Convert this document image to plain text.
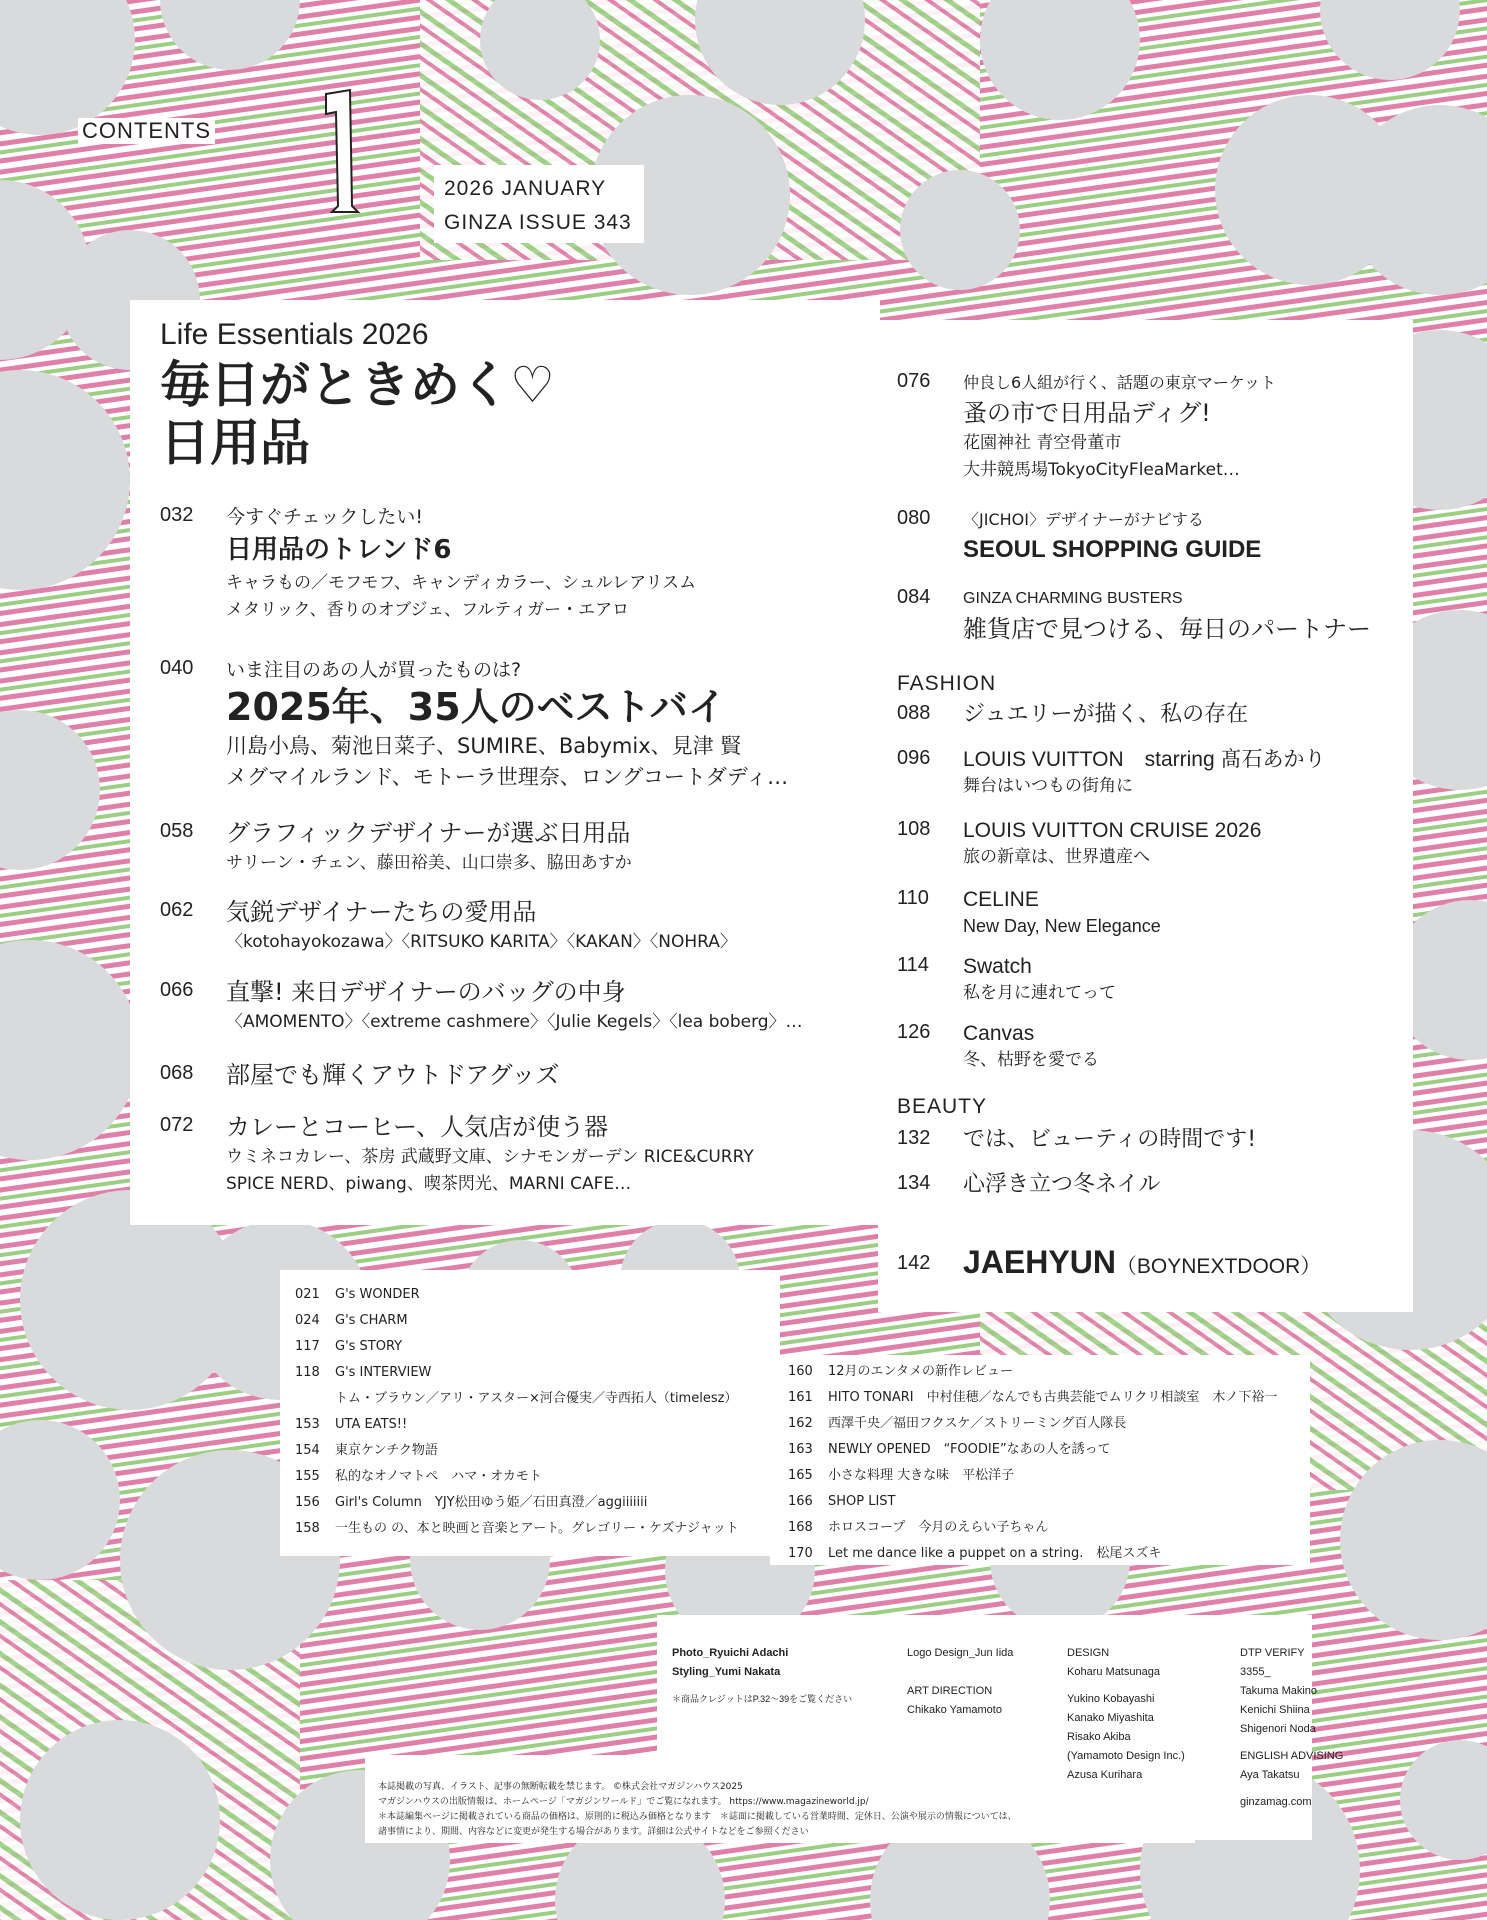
CONTENTS
2026 JANUARY
GINZA ISSUE 343
Life Essentials 2026
毎日がときめく♡
日用品
032 今すぐチェックしたい!
日用品のトレンド6
キャラもの／モフモフ、キャンディカラー、シュルレアリスム
メタリック、香りのオブジェ、フルティガー・エアロ
040 いま注目のあの人が買ったものは?
2025年、35人のベストバイ
川島小鳥、菊池日菜子、SUMIRE、Babymix、見津 賢
メグマイルランド、モトーラ世理奈、ロングコートダディ…
058 グラフィックデザイナーが選ぶ日用品
サリーン・チェン、藤田裕美、山口崇多、脇田あすか
062 気鋭デザイナーたちの愛用品
〈kotohayokozawa〉〈RITSUKO KARITA〉〈KAKAN〉〈NOHRA〉
066 直撃! 来日デザイナーのバッグの中身
〈AMOMENTO〉〈extreme cashmere〉〈Julie Kegels〉〈lea boberg〉…
068 部屋でも輝くアウトドアグッズ
072 カレーとコーヒー、人気店が使う器
ウミネコカレー、茶房 武蔵野文庫、シナモンガーデン RICE&CURRY
SPICE NERD、piwang、喫茶閃光、MARNI CAFE…
076 仲良し6人組が行く、話題の東京マーケット
蚤の市で日用品ディグ!
花園神社 青空骨董市
大井競馬場TokyoCityFleaMarket…
080 〈JICHOI〉デザイナーがナビする
SEOUL SHOPPING GUIDE
084 GINZA CHARMING BUSTERS
雑貨店で見つける、毎日のパートナー
FASHION
088 ジュエリーが描く、私の存在
096 LOUIS VUITTON　starring 髙石あかり
舞台はいつもの街角に
108 LOUIS VUITTON CRUISE 2026
旅の新章は、世界遺産へ
110 CELINE
New Day, New Elegance
114 Swatch
私を月に連れてって
126 Canvas
冬、枯野を愛でる
BEAUTY
132 では、ビューティの時間です!
134 心浮き立つ冬ネイル
142 JAEHYUN（BOYNEXTDOOR）
021	G's WONDER
024	G's CHARM
117	G's STORY
118	G's INTERVIEW
トム・ブラウン／アリ・アスター×河合優実／寺西拓人（timelesz）
153	UTA EATS!!
154	東京ケンチク物語
155	私的なオノマトペ　ハマ・オカモト
156	Girl's Column　YJY松田ゆう姫／石田真澄／aggiiiiiii
158	一生もの の、本と映画と音楽とアート。グレゴリー・ケズナジャット
160	12月のエンタメの新作レビュー
161	HITO TONARI　中村佳穂／なんでも古典芸能でムリクリ相談室　木ノ下裕一
162	西澤千央／福田フクスケ／ストリーミング百人隊長
163	NEWLY OPENED　“FOODIE”なあの人を誘って
165	小さな料理 大きな味　平松洋子
166	SHOP LIST
168	ホロスコープ　今月のえらい子ちゃん
170	Let me dance like a puppet on a string.　松尾スズキ
Photo_Ryuichi Adachi
Styling_Yumi Nakata
＊商品クレジットはP.32〜39をご覧ください
Logo Design_Jun Iida
ART DIRECTION
Chikako Yamamoto
DESIGN
Koharu Matsunaga
Yukino Kobayashi
Kanako Miyashita
Risako Akiba
(Yamamoto Design Inc.)
Azusa Kurihara
DTP VERIFY
3355_
Takuma Makino
Kenichi Shiina
Shigenori Noda
ENGLISH ADVISING
Aya Takatsu
ginzamag.com
本誌掲載の写真、イラスト、記事の無断転載を禁じます。 ©株式会社マガジンハウス2025
マガジンハウスの出版情報は、ホームページ「マガジンワールド」でご覧になれます。 https://www.magazineworld.jp/
＊本誌編集ページに掲載されている商品の価格は、原則的に税込み価格となります　＊誌面に掲載している営業時間、定休日、公演や展示の情報については、
諸事情により、期間、内容などに変更が発生する場合があります。詳細は公式サイトなどをご参照ください
